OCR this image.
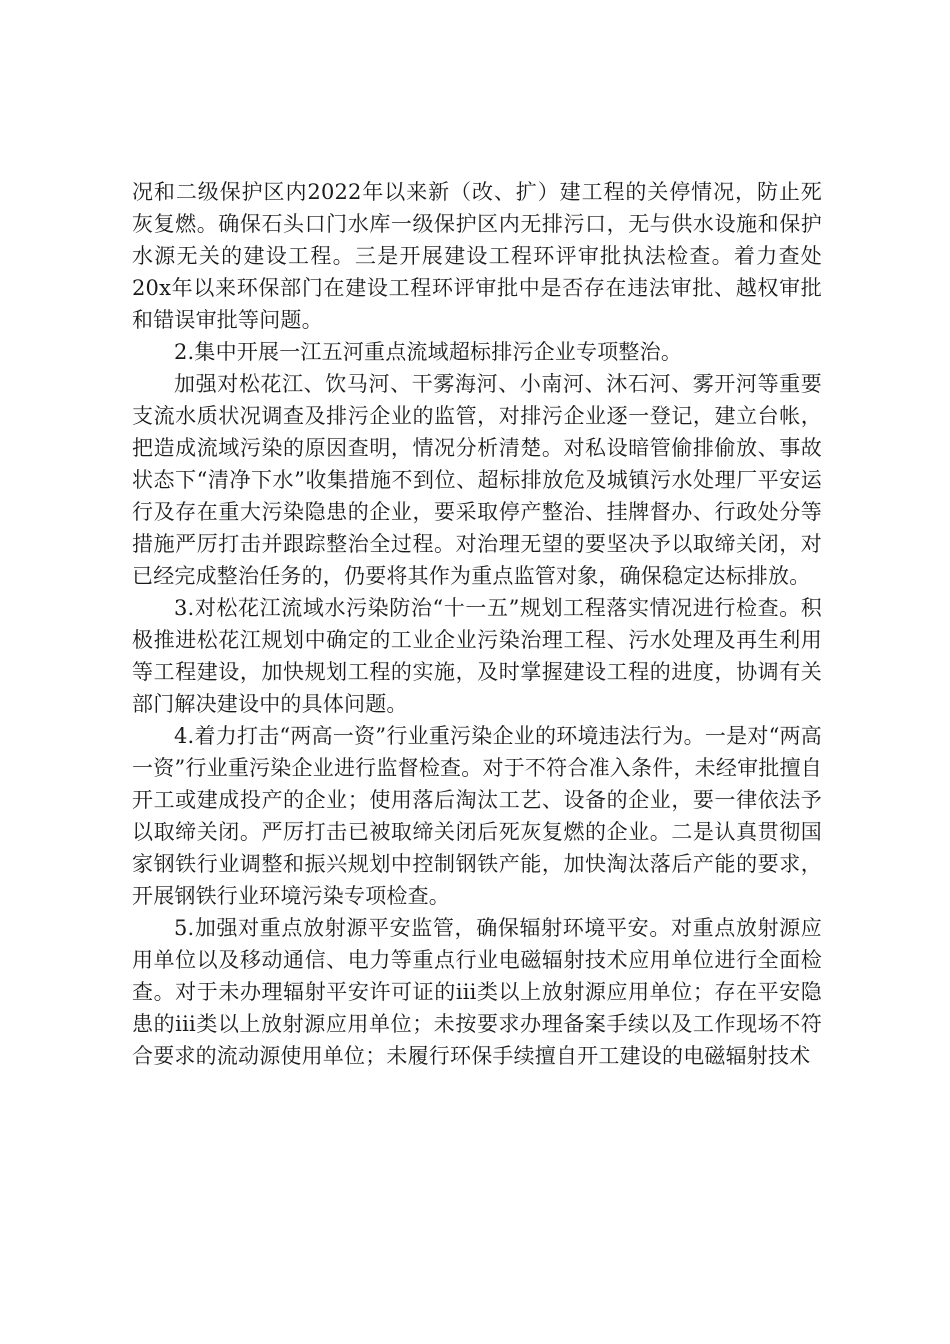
况和二级保护区内2022年以来新（改、扩）建工程的关停情况，防止死灰复燃。确保石头口门水库一级保护区内无排污口，无与供水设施和保护水源无关的建设工程。三是开展建设工程环评审批执法检查。着力查处20x年以来环保部门在建设工程环评审批中是否存在违法审批、越权审批和错误审批等问题。

2.集中开展一江五河重点流域超标排污企业专项整治。

加强对松花江、饮马河、干雾海河、小南河、沐石河、雾开河等重要支流水质状况调查及排污企业的监管，对排污企业逐一登记，建立台帐，把造成流域污染的原因查明，情况分析清楚。对私设暗管偷排偷放、事故状态下“清净下水”收集措施不到位、超标排放危及城镇污水处理厂平安运行及存在重大污染隐患的企业，要采取停产整治、挂牌督办、行政处分等措施严厉打击并跟踪整治全过程。对治理无望的要坚决予以取缔关闭，对已经完成整治任务的，仍要将其作为重点监管对象，确保稳定达标排放。

3.对松花江流域水污染防治“十一五”规划工程落实情况进行检查。积极推进松花江规划中确定的工业企业污染治理工程、污水处理及再生利用等工程建设，加快规划工程的实施，及时掌握建设工程的进度，协调有关部门解决建设中的具体问题。

4.着力打击“两高一资”行业重污染企业的环境违法行为。一是对“两高一资”行业重污染企业进行监督检查。对于不符合准入条件，未经审批擅自开工或建成投产的企业；使用落后淘汰工艺、设备的企业，要一律依法予以取缔关闭。严厉打击已被取缔关闭后死灰复燃的企业。二是认真贯彻国家钢铁行业调整和振兴规划中控制钢铁产能，加快淘汰落后产能的要求，开展钢铁行业环境污染专项检查。

5.加强对重点放射源平安监管，确保辐射环境平安。对重点放射源应用单位以及移动通信、电力等重点行业电磁辐射技术应用单位进行全面检查。对于未办理辐射平安许可证的iii类以上放射源应用单位；存在平安隐患的iii类以上放射源应用单位；未按要求办理备案手续以及工作现场不符合要求的流动源使用单位；未履行环保手续擅自开工建设的电磁辐射技术
